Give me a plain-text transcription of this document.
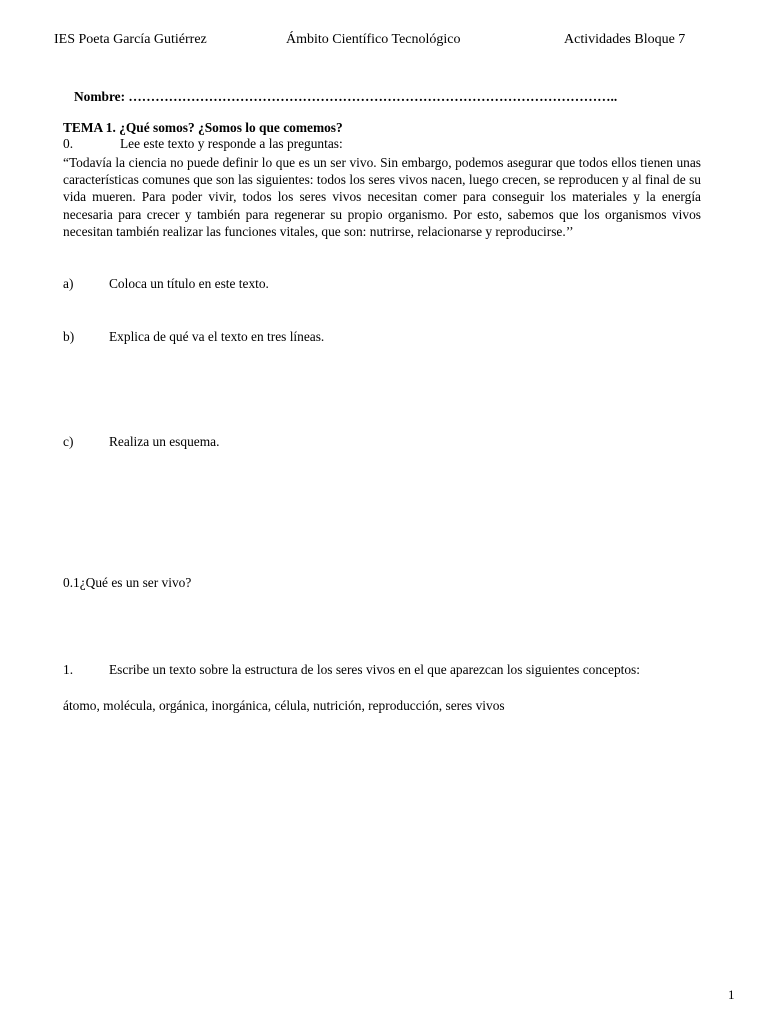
IES Poeta García Gutiérrez	Ámbito Científico Tecnológico	Actividades Bloque 7
Nombre: ………………………………………………………………………………………………..
TEMA 1. ¿Qué somos? ¿Somos lo que comemos?
0.	Lee este texto y responde a las preguntas:
“Todavía la ciencia no puede definir lo que es un ser vivo. Sin embargo, podemos asegurar que todos ellos tienen unas características comunes que son las siguientes: todos los seres vivos nacen, luego crecen, se reproducen y al final de su vida mueren. Para poder vivir, todos los seres vivos necesitan comer para conseguir los materiales y la energía necesaria para crecer y también para regenerar su propio organismo. Por esto, sabemos que los organismos vivos necesitan también realizar las funciones vitales, que son: nutrirse, relacionarse y reproducirse.’’
a)	Coloca un título en este texto.
b)	Explica de qué va el texto en tres líneas.
c)	Realiza un esquema.
0.1¿Qué es un ser vivo?
1.	Escribe un texto sobre la estructura de los seres vivos en el que aparezcan los siguientes conceptos:
átomo, molécula, orgánica, inorgánica, célula, nutrición, reproducción, seres vivos
1
